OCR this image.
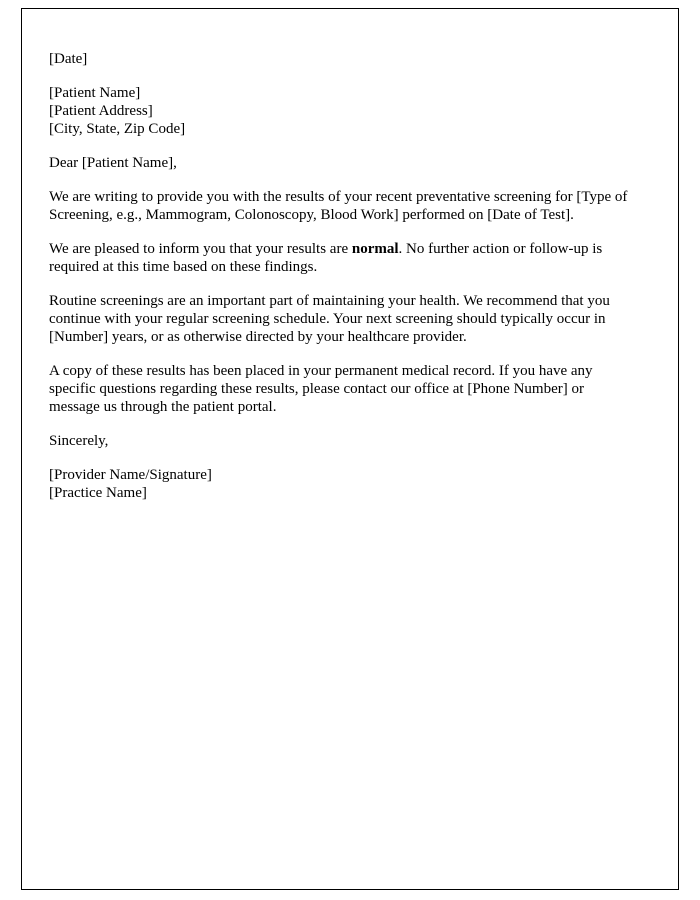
[Date]

[Patient Name]

[Patient Address]

[City, State, Zip Code]

Dear [Patient Name],

We are writing to provide you with the results of your recent preventative screening for [Type of Screening, e.g., Mammogram, Colonoscopy, Blood Work] performed on [Date of Test].

We are pleased to inform you that your results are normal. No further action or follow-up is required at this time based on these findings.

Routine screenings are an important part of maintaining your health. We recommend that you continue with your regular screening schedule. Your next screening should typically occur in [Number] years, or as otherwise directed by your healthcare provider.

A copy of these results has been placed in your permanent medical record. If you have any specific questions regarding these results, please contact our office at [Phone Number] or message us through the patient portal.

Sincerely,

[Provider Name/Signature]

[Practice Name]
